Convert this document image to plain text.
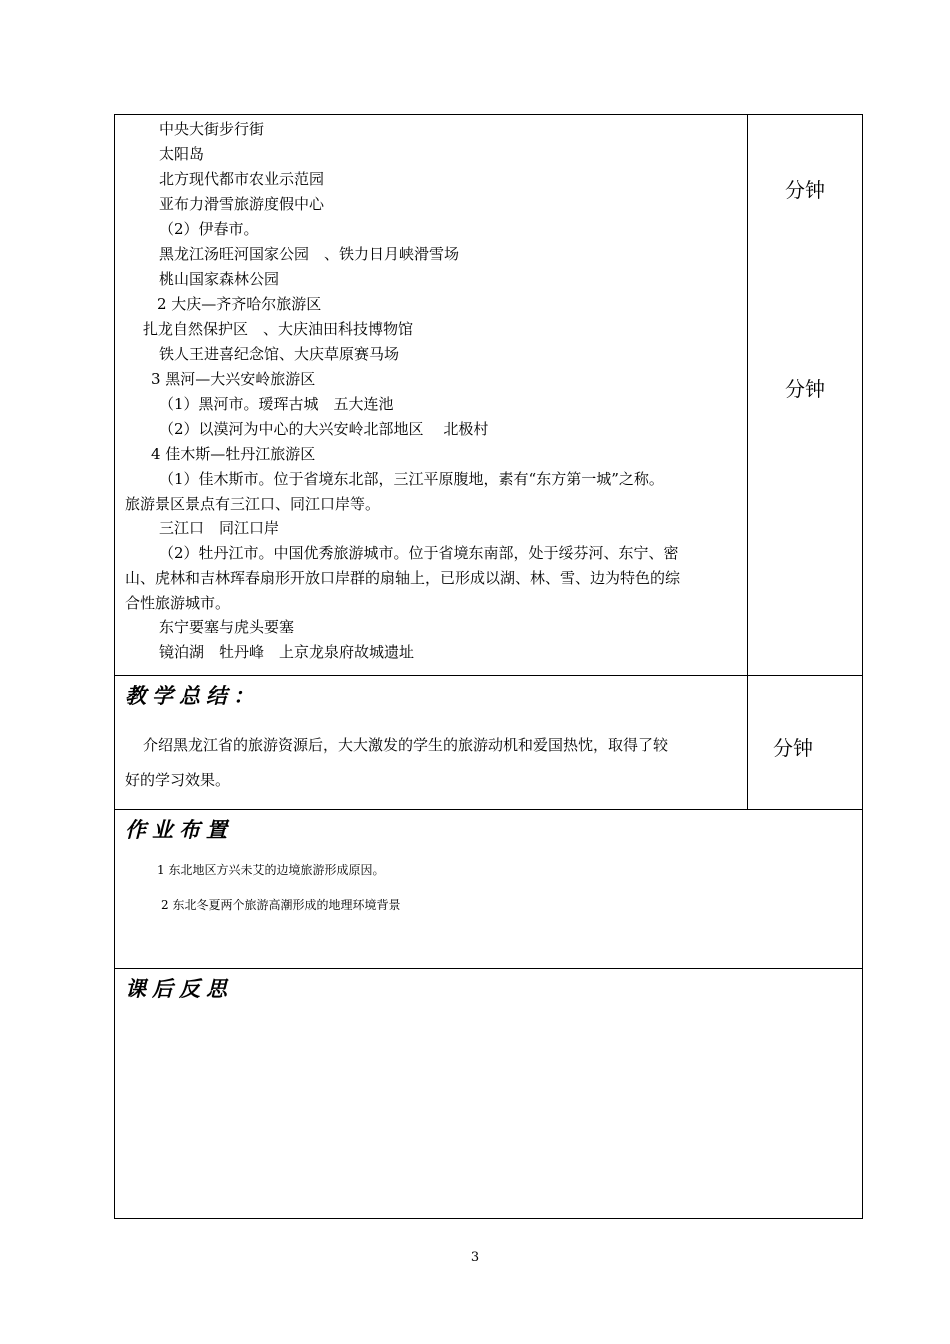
中央大街步行街
太阳岛
北方现代都市农业示范园
亚布力滑雪旅游度假中心
（2）伊春市。
黑龙江汤旺河国家公园　、铁力日月峡滑雪场
桃山国家森林公园
2 大庆—齐齐哈尔旅游区
扎龙自然保护区　、大庆油田科技博物馆
铁人王进喜纪念馆、大庆草原赛马场
3 黑河—大兴安岭旅游区
（1）黑河市。瑷珲古城　五大连池
（2）以漠河为中心的大兴安岭北部地区　 北极村
4 佳木斯—牡丹江旅游区
（1）佳木斯市。位于省境东北部，三江平原腹地，素有“东方第一城”之称。
旅游景区景点有三江口、同江口岸等。
三江口　同江口岸
（2）牡丹江市。中国优秀旅游城市。位于省境东南部，处于绥芬河、东宁、密
山、虎林和吉林珲春扇形开放口岸群的扇轴上，已形成以湖、林、雪、边为特色的综
合性旅游城市。
东宁要塞与虎头要塞
镜泊湖　牡丹峰　上京龙泉府故城遗址
分钟
分钟
教学总结：
介绍黑龙江省的旅游资源后，大大激发的学生的旅游动机和爱国热忱，取得了较
好的学习效果。
分钟
作业布置
1 东北地区方兴未艾的边境旅游形成原因。
2 东北冬夏两个旅游高潮形成的地理环境背景
课后反思
3
